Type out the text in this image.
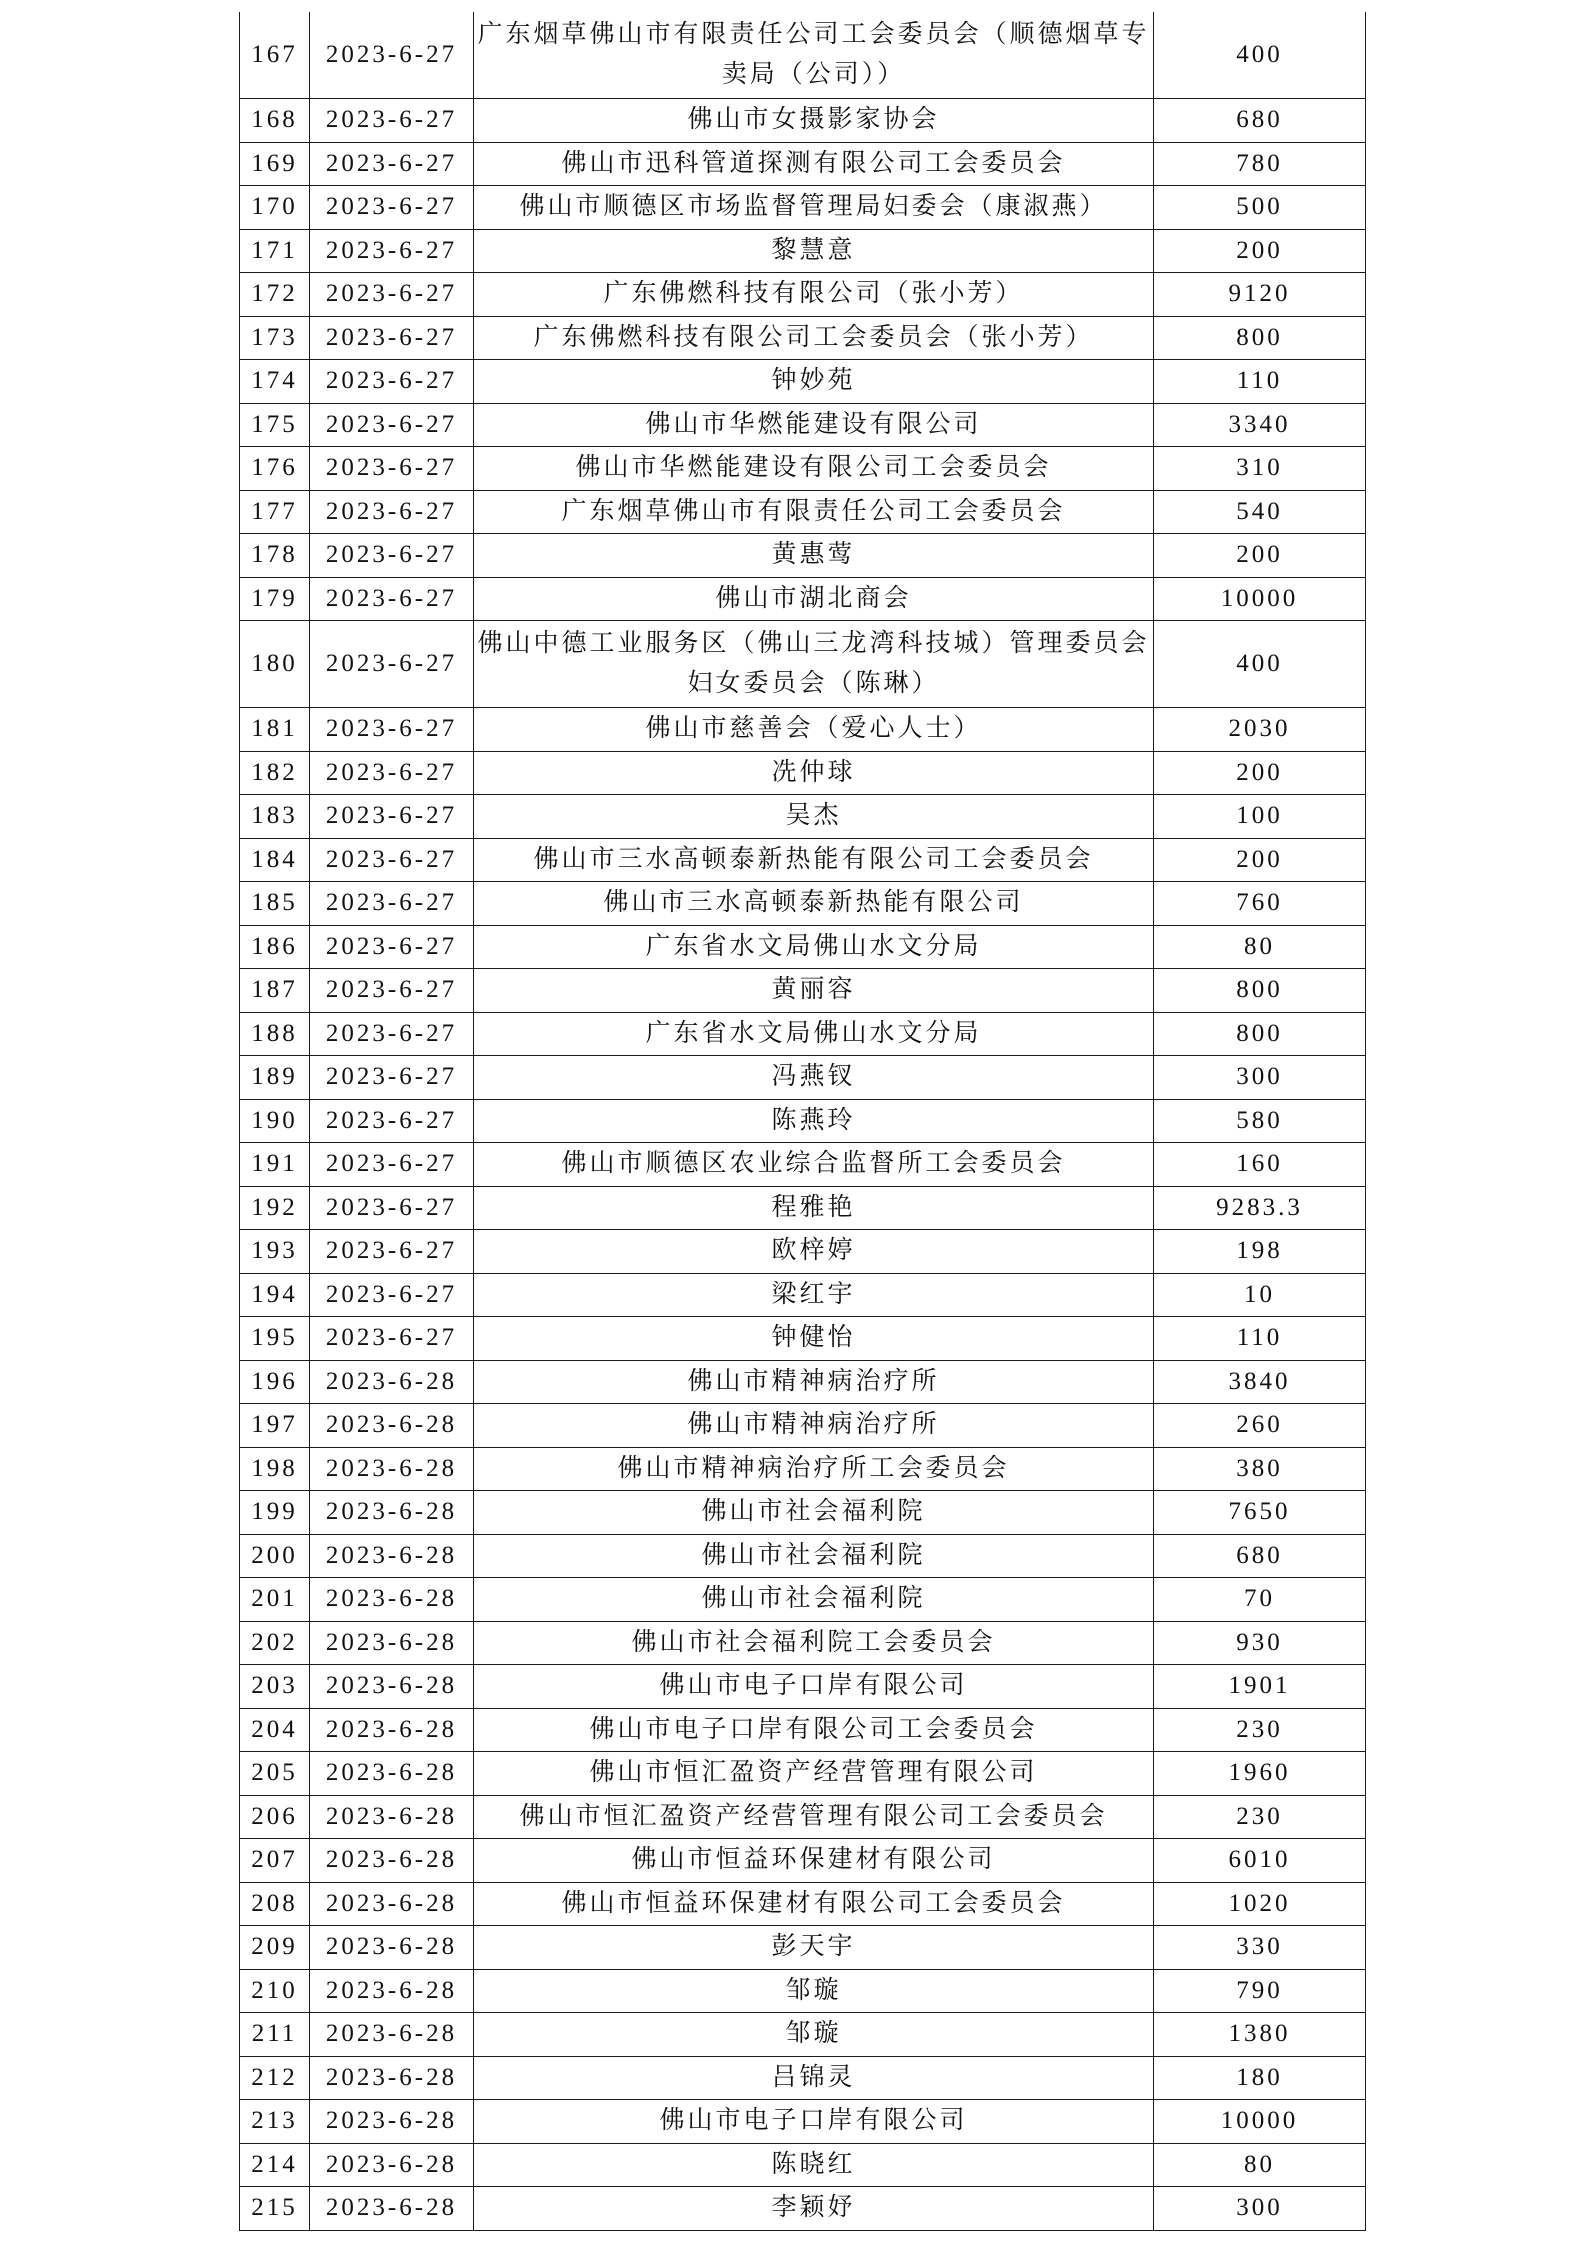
167	2023-6-27	广东烟草佛山市有限责任公司工会委员会（顺德烟草专卖局（公司））	400
168	2023-6-27	佛山市女摄影家协会	680
169	2023-6-27	佛山市迅科管道探测有限公司工会委员会	780
170	2023-6-27	佛山市顺德区市场监督管理局妇委会（康淑燕）	500
171	2023-6-27	黎慧意	200
172	2023-6-27	广东佛燃科技有限公司（张小芳）	9120
173	2023-6-27	广东佛燃科技有限公司工会委员会（张小芳）	800
174	2023-6-27	钟妙苑	110
175	2023-6-27	佛山市华燃能建设有限公司	3340
176	2023-6-27	佛山市华燃能建设有限公司工会委员会	310
177	2023-6-27	广东烟草佛山市有限责任公司工会委员会	540
178	2023-6-27	黄惠莺	200
179	2023-6-27	佛山市湖北商会	10000
180	2023-6-27	佛山中德工业服务区（佛山三龙湾科技城）管理委员会妇女委员会（陈琳）	400
181	2023-6-27	佛山市慈善会（爱心人士）	2030
182	2023-6-27	冼仲球	200
183	2023-6-27	吴杰	100
184	2023-6-27	佛山市三水高顿泰新热能有限公司工会委员会	200
185	2023-6-27	佛山市三水高顿泰新热能有限公司	760
186	2023-6-27	广东省水文局佛山水文分局	80
187	2023-6-27	黄丽容	800
188	2023-6-27	广东省水文局佛山水文分局	800
189	2023-6-27	冯燕钗	300
190	2023-6-27	陈燕玲	580
191	2023-6-27	佛山市顺德区农业综合监督所工会委员会	160
192	2023-6-27	程雅艳	9283.3
193	2023-6-27	欧梓婷	198
194	2023-6-27	梁红宇	10
195	2023-6-27	钟健怡	110
196	2023-6-28	佛山市精神病治疗所	3840
197	2023-6-28	佛山市精神病治疗所	260
198	2023-6-28	佛山市精神病治疗所工会委员会	380
199	2023-6-28	佛山市社会福利院	7650
200	2023-6-28	佛山市社会福利院	680
201	2023-6-28	佛山市社会福利院	70
202	2023-6-28	佛山市社会福利院工会委员会	930
203	2023-6-28	佛山市电子口岸有限公司	1901
204	2023-6-28	佛山市电子口岸有限公司工会委员会	230
205	2023-6-28	佛山市恒汇盈资产经营管理有限公司	1960
206	2023-6-28	佛山市恒汇盈资产经营管理有限公司工会委员会	230
207	2023-6-28	佛山市恒益环保建材有限公司	6010
208	2023-6-28	佛山市恒益环保建材有限公司工会委员会	1020
209	2023-6-28	彭天宇	330
210	2023-6-28	邹璇	790
211	2023-6-28	邹璇	1380
212	2023-6-28	吕锦灵	180
213	2023-6-28	佛山市电子口岸有限公司	10000
214	2023-6-28	陈晓红	80
215	2023-6-28	李颖妤	300
